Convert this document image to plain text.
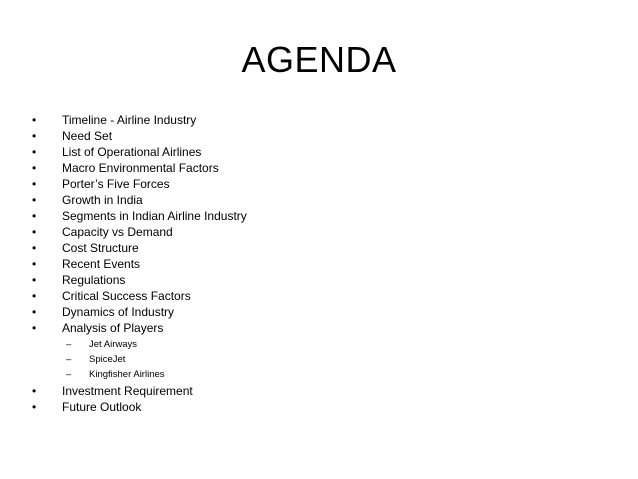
AGENDA
•	Timeline - Airline Industry
•	Need Set
•	List of Operational Airlines
•	Macro Environmental Factors
•	Porter’s Five Forces
•	Growth in India
•	Segments in Indian Airline Industry
•	Capacity vs Demand
•	Cost Structure
•	Recent Events
•	Regulations
•	Critical Success Factors
•	Dynamics of Industry
•	Analysis of Players
–	Jet Airways
–	SpiceJet
–	Kingfisher Airlines
•	Investment Requirement
•	Future Outlook
